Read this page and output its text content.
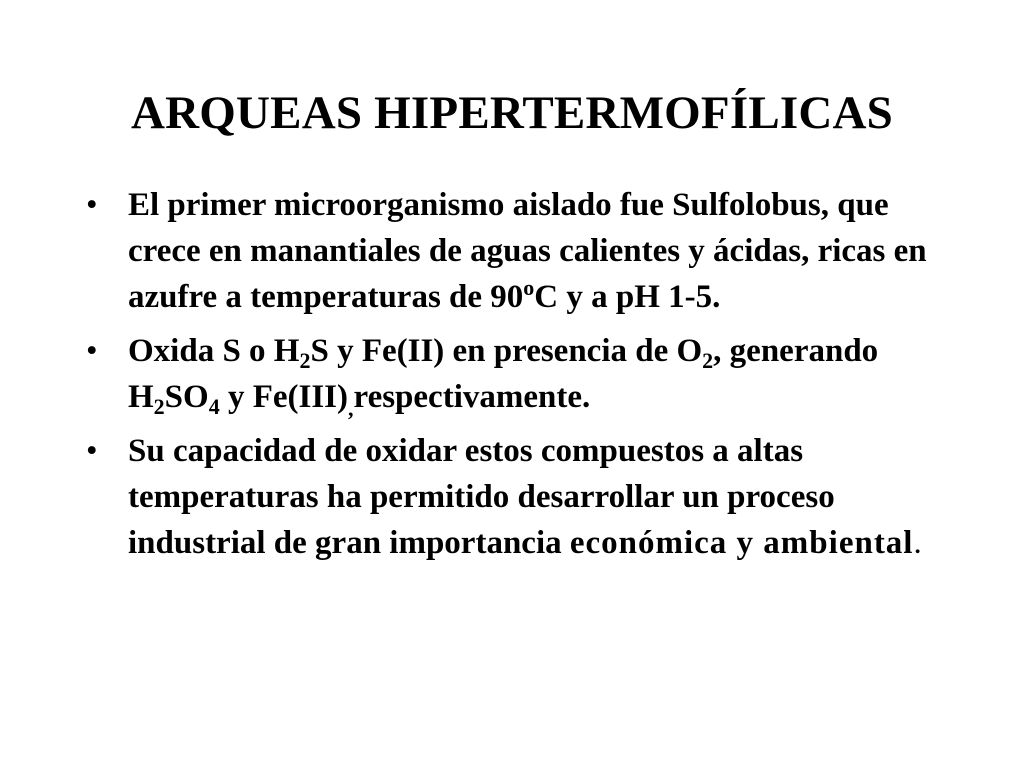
ARQUEAS HIPERTERMOFÍLICAS
• El primer microorganismo aislado fue Sulfolobus, que crece en manantiales de aguas calientes y ácidas, ricas en azufre a temperaturas de 90$^o$C y a pH 1-5.
• Oxida S o $H_2S$ y Fe(II) en presencia de $O_2$, generando $H_2SO_4$ y $Fe(III)_,respectivamente$.
• Su capacidad de oxidar estos compuestos a altas temperaturas ha permitido desarrollar un proceso industrial de gran importancia económica y ambiental.
